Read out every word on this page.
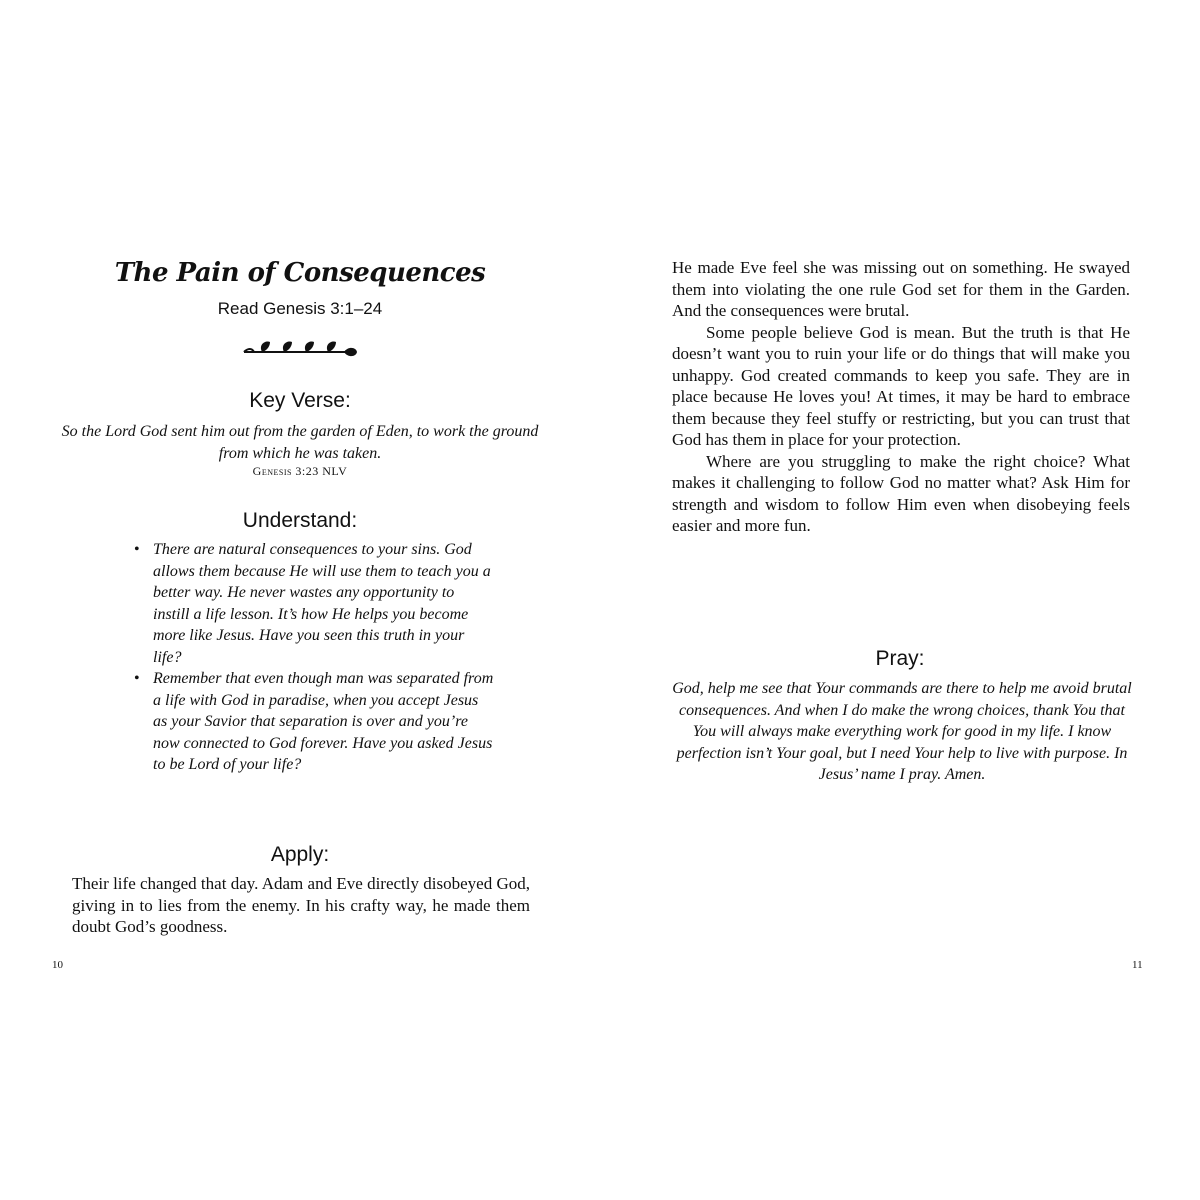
The Pain of Consequences
Read Genesis 3:1–24
Key Verse:
So the Lord God sent him out from the garden of Eden, to work the ground from which he was taken.
Genesis 3:23 NLV
Understand:
• There are natural consequences to your sins. God allows them because He will use them to teach you a better way. He never wastes any opportunity to instill a life lesson. It’s how He helps you become more like Jesus. Have you seen this truth in your life?
• Remember that even though man was separated from a life with God in paradise, when you accept Jesus as your Savior that separation is over and you’re now connected to God forever. Have you asked Jesus to be Lord of your life?
Apply:

Their life changed that day. Adam and Eve directly disobeyed God, giving in to lies from the enemy. In his crafty way, he made them doubt God’s goodness.

10

He made Eve feel she was missing out on something. He swayed them into violating the one rule God set for them in the Garden. And the consequences were brutal.

Some people believe God is mean. But the truth is that He doesn’t want you to ruin your life or do things that will make you unhappy. God created commands to keep you safe. They are in place because He loves you! At times, it may be hard to embrace them because they feel stuffy or restricting, but you can trust that God has them in place for your protection.

Where are you struggling to make the right choice? What makes it challenging to follow God no matter what? Ask Him for strength and wisdom to follow Him even when disobeying feels easier and more fun.

Pray:
God, help me see that Your commands are there to help me avoid brutal consequences. And when I do make the wrong choices, thank You that You will always make everything work for good in my life. I know perfection isn’t Your goal, but I need Your help to live with purpose. In Jesus’ name I pray. Amen.
11
